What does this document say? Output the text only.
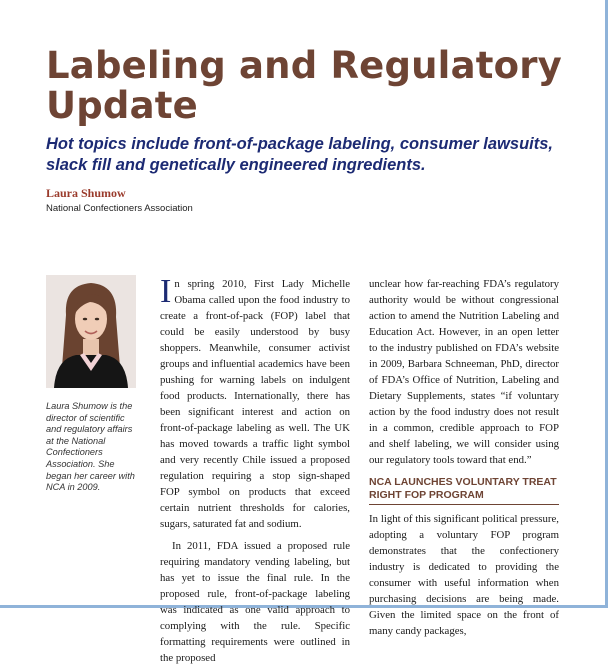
Labeling and Regulatory Update

Hot topics include front-of-package labeling, consumer lawsuits, slack fill and genetically engineered ingredients.

Laura Shumow

National Confectioners Association

Laura Shumow is the director of scientific and regulatory affairs at the National Confectioners Association. She began her career with NCA in 2009.

In spring 2010, First Lady Michelle Obama called upon the food industry to create a front-of-pack (FOP) label that could be easily understood by busy shoppers. Meanwhile, consumer activist groups and influential academics have been pushing for warning labels on indulgent food products. Internationally, there has been significant interest and action on front-of-package labeling as well. The UK has moved towards a traffic light symbol and very recently Chile issued a proposed regulation requiring a stop sign-shaped FOP symbol on products that exceed certain nutrient thresholds for calories, sugars, saturated fat and sodium.

In 2011, FDA issued a proposed rule requiring mandatory vending labeling, but has yet to issue the final rule. In the proposed rule, front-of-package labeling was indicated as one valid approach to complying with the rule. Specific formatting requirements were outlined in the proposed

unclear how far-reaching FDA’s regulatory authority would be without congressional action to amend the Nutrition Labeling and Education Act. However, in an open letter to the industry published on FDA’s website in 2009, Barbara Schneeman, PhD, director of FDA’s Office of Nutrition, Labeling and Dietary Supplements, states “if voluntary action by the food industry does not result in a common, credible approach to FOP and shelf labeling, we will consider using our regulatory tools toward that end.”

NCA LAUNCHES VOLUNTARY TREAT RIGHT FOP PROGRAM

In light of this significant political pressure, adopting a voluntary FOP program demonstrates that the confectionery industry is dedicated to providing the consumer with useful information when purchasing decisions are being made. Given the limited space on the front of many candy packages,
